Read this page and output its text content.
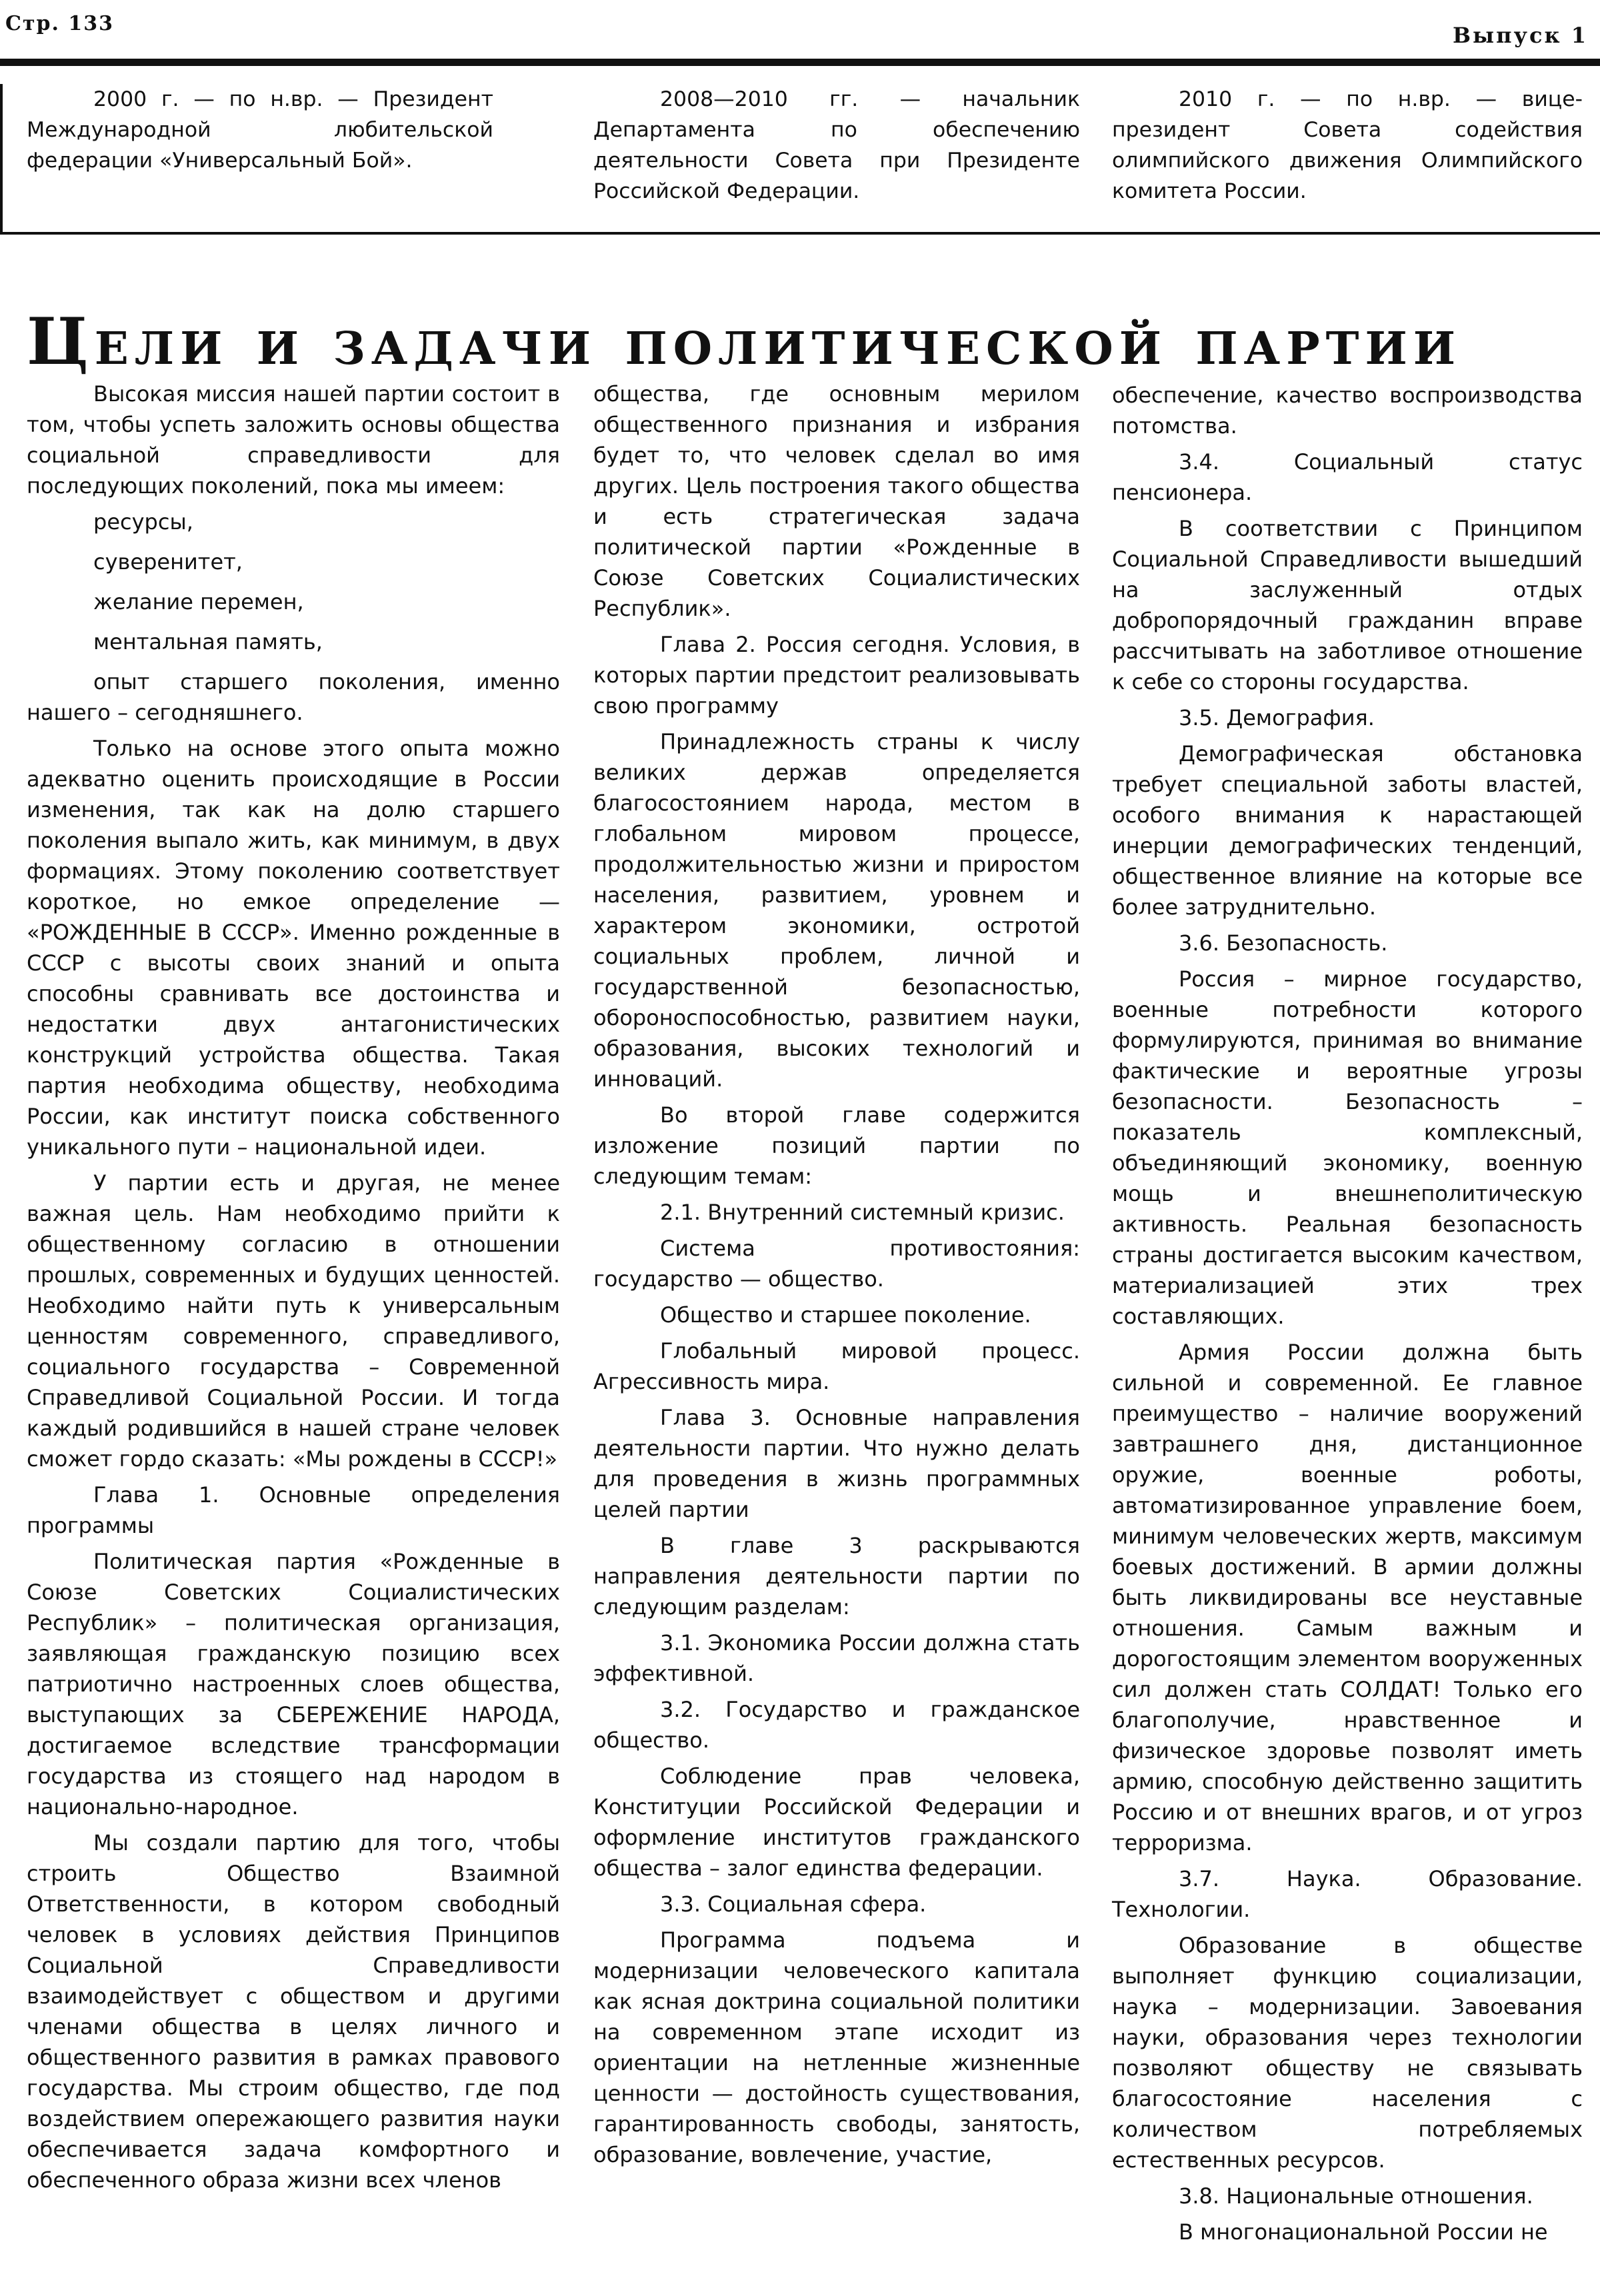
Стр. 133	Выпуск 1

2000 г. — по н.вр. — Президент Международной любительской федерации «Универсальный Бой».

2008—2010 гг. — начальник Департамента по обеспечению деятельности Совета при Президенте Российской Федерации.

2010 г. — по н.вр. — вице-президент Совета содействия олимпийского движения Олимпийского комитета России.

Цели и задачи политической партии

Высокая миссия нашей партии состоит в том, чтобы успеть заложить основы общества социальной справедливости для последующих поколений, пока мы имеем:

ресурсы,

суверенитет,

желание перемен,

ментальная память,

опыт старшего поколения, именно нашего – сегодняшнего.

Только на основе этого опыта можно адекватно оценить происходящие в России изменения, так как на долю старшего поколения выпало жить, как минимум, в двух формациях. Этому поколению соответствует короткое, но емкое определение — «РОЖДЕННЫЕ В СССР». Именно рожденные в СССР с высоты своих знаний и опыта способны сравнивать все достоинства и недостатки двух антагонистических конструкций устройства общества. Такая партия необходима обществу, необходима России, как институт поиска собственного уникального пути – национальной идеи.

У партии есть и другая, не менее важная цель. Нам необходимо прийти к общественному согласию в отношении прошлых, современных и будущих ценностей. Необходимо найти путь к универсальным ценностям современного, справедливого, социального государства – Современной Справедливой Социальной России. И тогда каждый родившийся в нашей стране человек сможет гордо сказать: «Мы рождены в СССР!»

Глава 1. Основные определения программы

Политическая партия «Рожденные в Союзе Советских Социалистических Республик» – политическая организация, заявляющая гражданскую позицию всех патриотично настроенных слоев общества, выступающих за СБЕРЕЖЕНИЕ НАРОДА, достигаемое вследствие трансформации государства из стоящего над народом в национально-народное.

Мы создали партию для того, чтобы строить Общество Взаимной Ответственности, в котором свободный человек в условиях действия Принципов Социальной Справедливости взаимодействует с обществом и другими членами общества в целях личного и общественного развития в рамках правового государства. Мы строим общество, где под воздействием опережающего развития науки обеспечивается задача комфортного и обеспеченного образа жизни всех членов

общества, где основным мерилом общественного признания и избрания будет то, что человек сделал во имя других. Цель построения такого общества и есть стратегическая задача политической партии «Рожденные в Союзе Советских Социалистических Республик».

Глава 2. Россия сегодня. Условия, в которых партии предстоит реализовывать свою программу

Принадлежность страны к числу великих держав определяется благосостоянием народа, местом в глобальном мировом процессе, продолжительностью жизни и приростом населения, развитием, уровнем и характером экономики, остротой социальных проблем, личной и государственной безопасностью, обороноспособностью, развитием науки, образования, высоких технологий и инноваций.

Во второй главе содержится изложение позиций партии по следующим темам:

2.1. Внутренний системный кризис.

Система противостояния: государство — общество.

Общество и старшее поколение.

Глобальный мировой процесс. Агрессивность мира.

Глава 3. Основные направления деятельности партии. Что нужно делать для проведения в жизнь программных целей партии

В главе 3 раскрываются направления деятельности партии по следующим разделам:

3.1. Экономика России должна стать эффективной.

3.2. Государство и гражданское общество.

Соблюдение прав человека, Конституции Российской Федерации и оформление институтов гражданского общества – залог единства федерации.

3.3. Социальная сфера.

Программа подъема и модернизации человеческого капитала как ясная доктрина социальной политики на современном этапе исходит из ориентации на нетленные жизненные ценности — достойность существования, гарантированность свободы, занятость, образование, вовлечение, участие,

обеспечение, качество воспроизводства потомства.

3.4. Социальный статус пенсионера.

В соответствии с Принципом Социальной Справедливости вышедший на заслуженный отдых добропорядочный гражданин вправе рассчитывать на заботливое отношение к себе со стороны государства.

3.5. Демография.

Демографическая обстановка требует специальной заботы властей, особого внимания к нарастающей инерции демографических тенденций, общественное влияние на которые все более затруднительно.

3.6. Безопасность.

Россия – мирное государство, военные потребности которого формулируются, принимая во внимание фактические и вероятные угрозы безопасности. Безопасность – показатель комплексный, объединяющий экономику, военную мощь и внешнеполитическую активность. Реальная безопасность страны достигается высоким качеством, материализацией этих трех составляющих.

Армия России должна быть сильной и современной. Ее главное преимущество – наличие вооружений завтрашнего дня, дистанционное оружие, военные роботы, автоматизированное управление боем, минимум человеческих жертв, максимум боевых достижений. В армии должны быть ликвидированы все неуставные отношения. Самым важным и дорогостоящим элементом вооруженных сил должен стать СОЛДАТ! Только его благополучие, нравственное и физическое здоровье позволят иметь армию, способную действенно защитить Россию и от внешних врагов, и от угроз терроризма.

3.7. Наука. Образование. Технологии.

Образование в обществе выполняет функцию социализации, наука – модернизации. Завоевания науки, образования через технологии позволяют обществу не связывать благосостояние населения с количеством потребляемых естественных ресурсов.

3.8. Национальные отношения.

В многонациональной России не
